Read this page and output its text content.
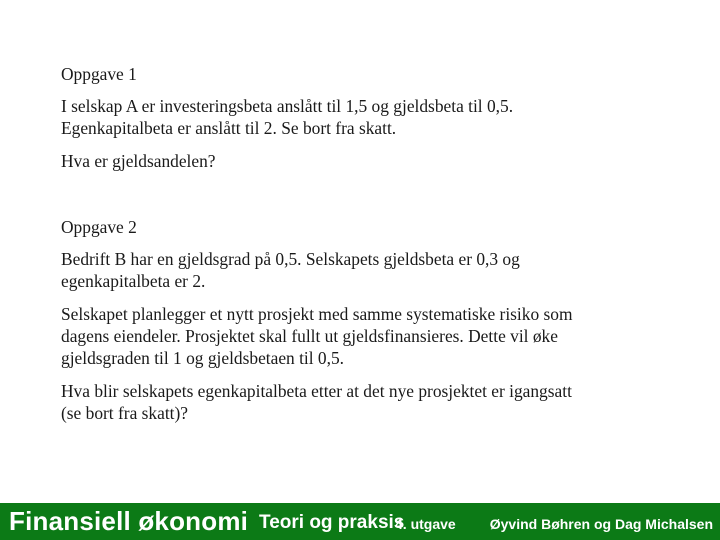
Oppgave 1

I selskap A er investeringsbeta anslått til 1,5 og gjeldsbeta til 0,5. Egenkapitalbeta er anslått til 2. Se bort fra skatt.

Hva er gjeldsandelen?

Oppgave 2

Bedrift B har en gjeldsgrad på 0,5. Selskapets gjeldsbeta er 0,3 og egenkapitalbeta er 2.

Selskapet planlegger et nytt prosjekt med samme systematiske risiko som dagens eiendeler. Prosjektet skal fullt ut gjeldsfinansieres. Dette vil øke gjeldsgraden til 1 og gjeldsbetaen til 0,5.

Hva blir selskapets egenkapitalbeta etter at det nye prosjektet er igangsatt (se bort fra skatt)?

Finansiell økonomi Teori og praksis
4. utgave Øyvind Bøhren og Dag Michalsen
